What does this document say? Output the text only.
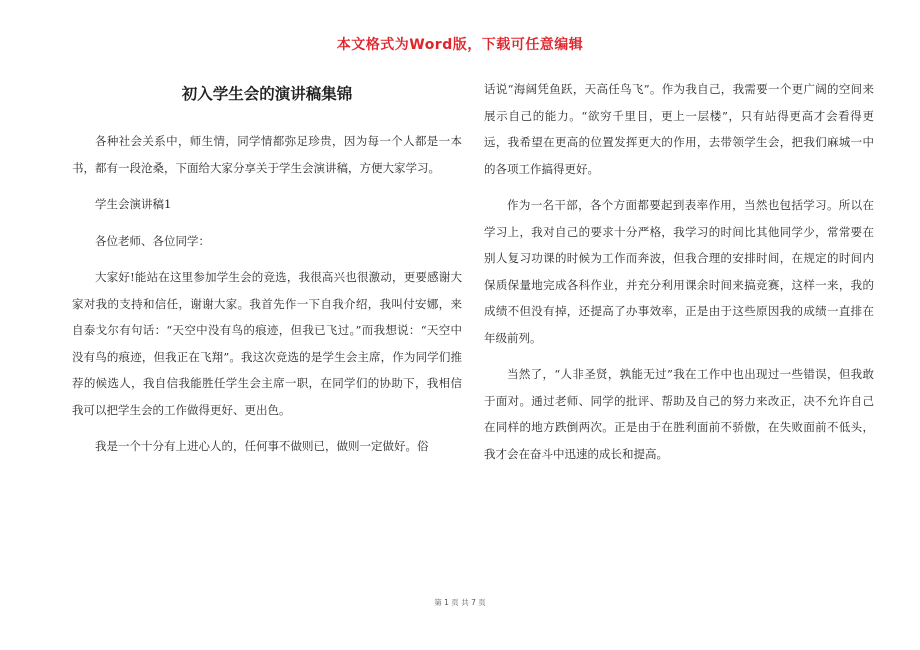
本文格式为Word版，下载可任意编辑
初入学生会的演讲稿集锦

各种社会关系中，师生情，同学情都弥足珍贵，因为每一个人都是一本书，都有一段沧桑，下面给大家分享关于学生会演讲稿，方便大家学习。

学生会演讲稿1

各位老师、各位同学：

大家好!能站在这里参加学生会的竞选，我很高兴也很激动，更要感谢大家对我的支持和信任，谢谢大家。我首先作一下自我介绍，我叫付安娜，来自泰戈尔有句话：“天空中没有鸟的痕迹，但我已飞过。”而我想说：“天空中没有鸟的痕迹，但我正在飞翔”。我这次竞选的是学生会主席，作为同学们推荐的候选人，我自信我能胜任学生会主席一职，在同学们的协助下，我相信我可以把学生会的工作做得更好、更出色。

我是一个十分有上进心人的，任何事不做则已，做则一定做好。俗

话说“海阔凭鱼跃，天高任鸟飞”。作为我自己，我需要一个更广阔的空间来展示自己的能力。“欲穷千里目，更上一层楼”，只有站得更高才会看得更远，我希望在更高的位置发挥更大的作用，去带领学生会，把我们麻城一中的各项工作搞得更好。

作为一名干部，各个方面都要起到表率作用，当然也包括学习。所以在学习上，我对自己的要求十分严格，我学习的时间比其他同学少，常常要在别人复习功课的时候为工作而奔波，但我合理的安排时间，在规定的时间内保质保量地完成各科作业，并充分利用课余时间来搞竞赛，这样一来，我的成绩不但没有掉，还提高了办事效率，正是由于这些原因我的成绩一直排在年级前列。

当然了，“人非圣贤，孰能无过”我在工作中也出现过一些错误，但我敢于面对。通过老师、同学的批评、帮助及自己的努力来改正，决不允许自己在同样的地方跌倒两次。正是由于在胜利面前不骄傲，在失败面前不低头，我才会在奋斗中迅速的成长和提高。

第 1 页 共 7 页
